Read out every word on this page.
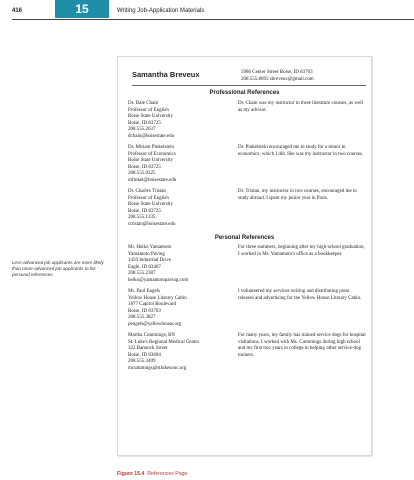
416	15	Writing Job-Application Materials
Less-advanced job applicants are more likely than more-advanced job applicants to list personal references.
Samantha Breveux	5986 Center Street Boise, ID 83703
208.555.8693 sbreveux@gmail.com
Professional References
Dr. Dale Chain
Professor of English
Boise State University
Boise, ID 83725
208.555.2637
dchain@boisestate.edu
Dr. Chain was my instructor in three literature courses, as well as my advisor.
Dr. Miriam Pinkelstein
Professor of Economics
Boise State University
Boise, ID 83725
208.555.0325
mfinkel@boisestate.edu
Dr. Pinkelstein encouraged me to study for a minor in economics, which I did. She was my instructor in two courses.
Dr. Charles Tristan
Professor of English
Boise State University
Boise, ID 83725
208.555.1335
ctristan@boisestate.edu
Dr. Tristan, my instructor in two courses, encouraged me to study abroad. I spent my junior year in Paris.
Personal References
Mr. Heiko Yamamoto
Yamamoto Paving
1450 Industrial Drive
Eagle, ID 83467
208.555.2387
heiko@yamamotopaving.com
For three summers, beginning after my high-school graduation, I worked in Mr. Yamamoto's office as a bookkeeper.
Mr. Paul Engels
Yellow House Literary Cabin
1877 Capitol Boulevard
Boise, ID 83703
208.555.3827
pengels@yellowhouse.org
I volunteered my services writing and distributing press releases and advertising for the Yellow House Literary Cabin.
Martha Cummings, RN
St. Luke's Regional Medical Center
322 Bannock Street
Boise, ID 83604
208.555.3409
mcummings@stlukesonc.org
For many years, my family has trained service dogs for hospital visitations. I worked with Ms. Cummings during high school and my first two years in college in helping other service-dog trainers.
Figure 15.4 References Page
